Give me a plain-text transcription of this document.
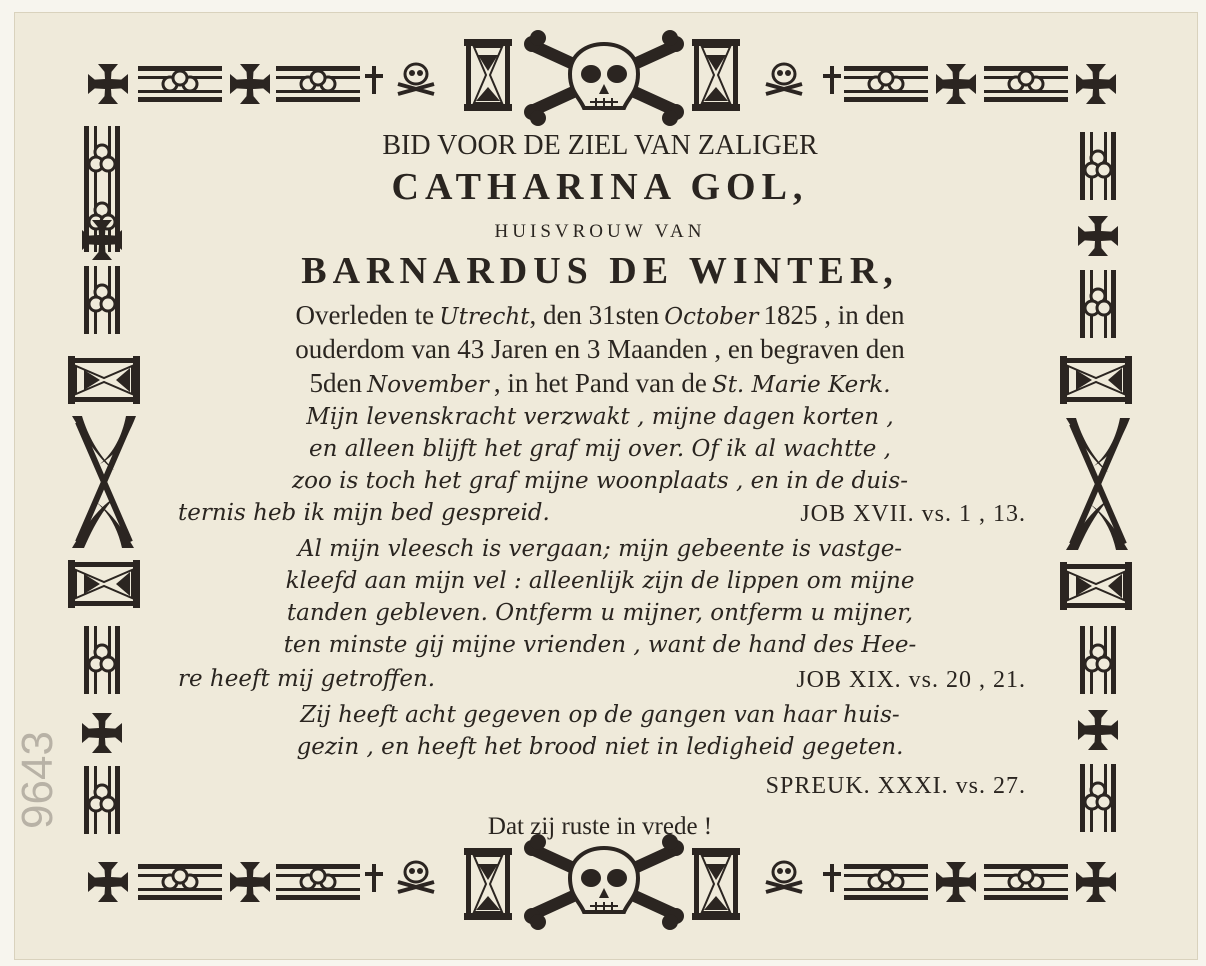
BID VOOR DE ZIEL VAN ZALIGER
CATHARINA GOL,
HUISVROUW VAN
BARNARDUS DE WINTER,
Overleden te Utrecht, den 31sten October 1825 , in den
ouderdom van 43 Jaren en 3 Maanden , en begraven den
5den November , in het Pand van de St. Marie Kerk.
Mijn levenskracht verzwakt , mijne dagen korten ,
en alleen blijft het graf mij over. Of ik al wachtte ,
zoo is toch het graf mijne woonplaats , en in de duis-
ternis heb ik mijn bed gespreid.	JOB XVII. vs. 1 , 13.
Al mijn vleesch is vergaan; mijn gebeente is vastge-
kleefd aan mijn vel : alleenlijk zijn de lippen om mijne
tanden gebleven. Ontferm u mijner, ontferm u mijner,
ten minste gij mijne vrienden , want de hand des Hee-
re heeft mij getroffen.	JOB XIX. vs. 20 , 21.
Zij heeft acht gegeven op de gangen van haar huis-
gezin , en heeft het brood niet in ledigheid gegeten.
SPREUK. XXXI. vs. 27.
Dat zij ruste in vrede !
9643
